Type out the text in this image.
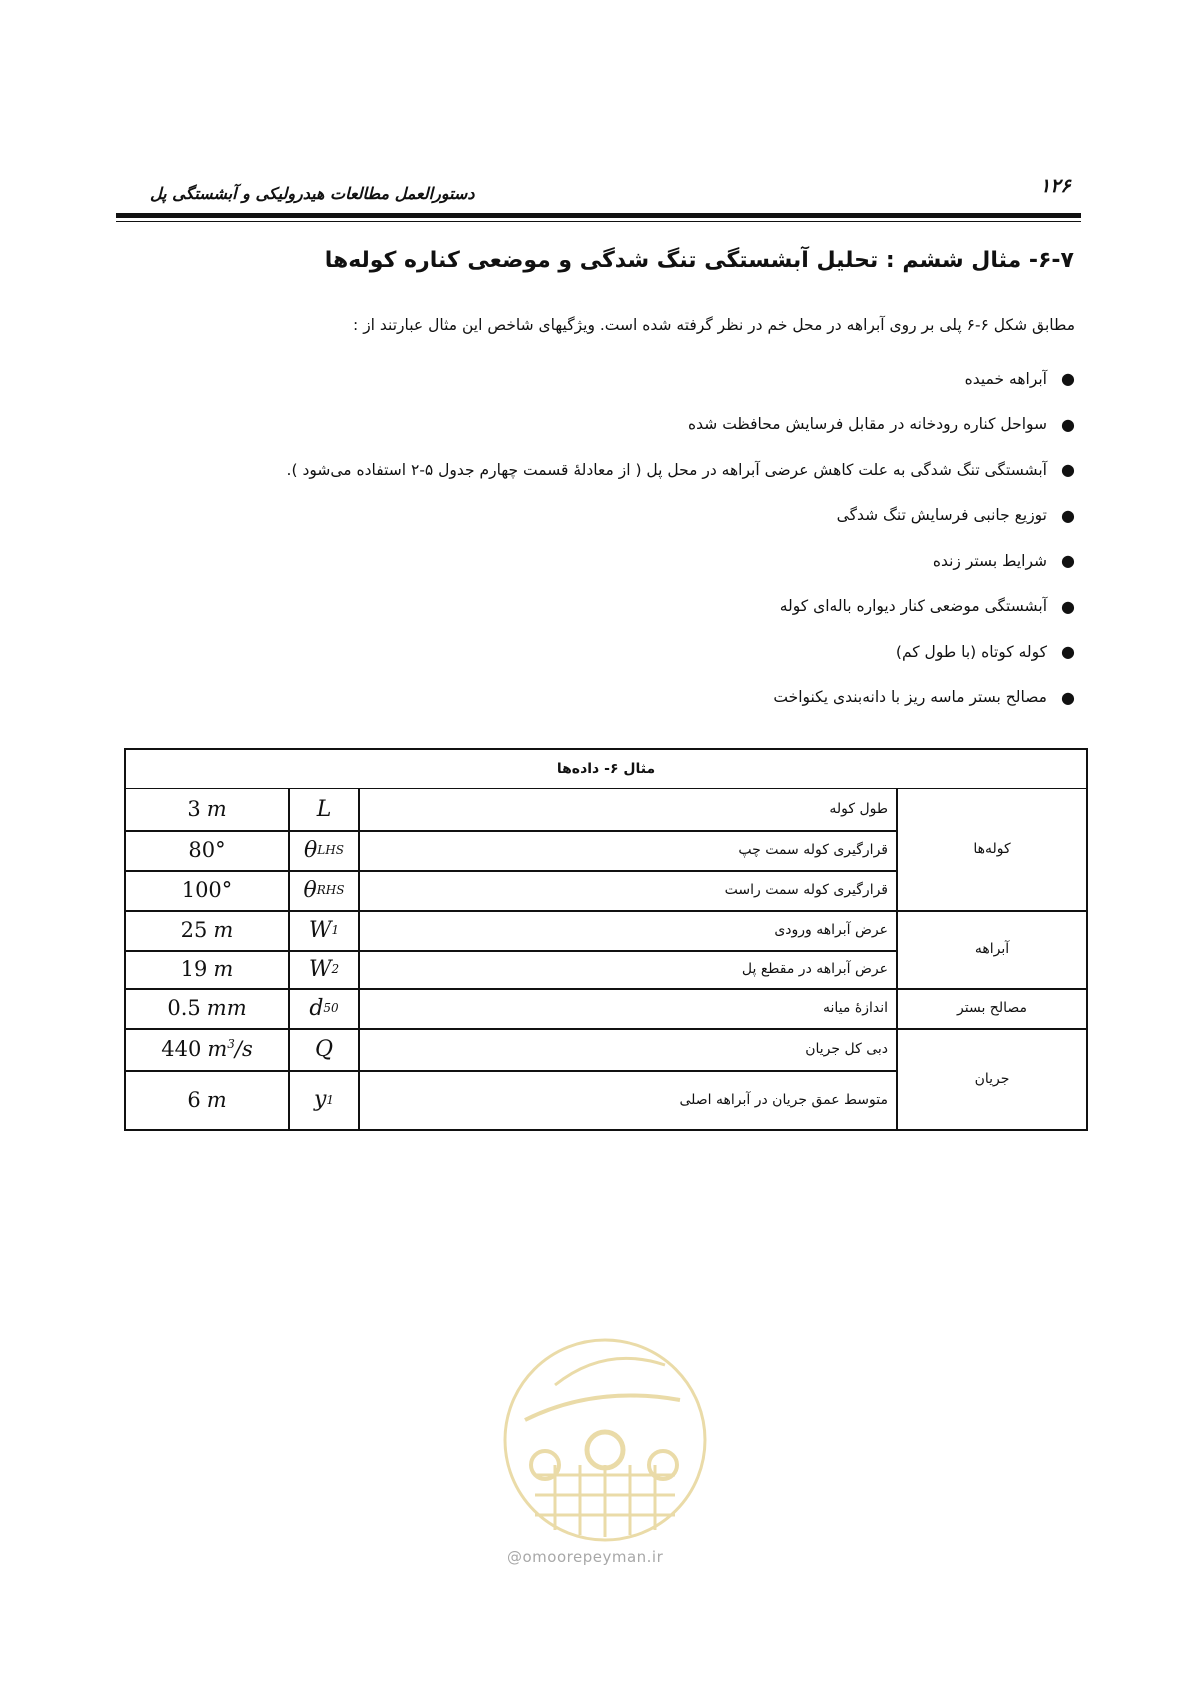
۱۲۶
دستورالعمل مطالعات هیدرولیکی و آبشستگی پل
۶-۷- مثال ششم : تحلیل آبشستگی تنگ شدگی و موضعی کناره کوله‌ها
مطابق شکل ۶-۶ پلی بر روی آبراهه در محل خم در نظر گرفته شده است. ویژگیهای شاخص این مثال عبارتند از :
●
آبراهه خمیده
●
سواحل کناره رودخانه در مقابل فرسایش محافظت شده
●
آبشستگی تنگ شدگی به علت کاهش عرضی آبراهه در محل پل ( از معادلهٔ قسمت چهارم جدول ۵-۲ استفاده می‌شود ).
●
توزیع جانبی فرسایش تنگ شدگی
●
شرایط بستر زنده
●
آبشستگی موضعی کنار دیواره باله‌ای کوله
●
کوله کوتاه (با طول کم)
●
مصالح بستر ماسه ریز با دانه‌بندی یکنواخت
مثال ۶- داده‌ها
کوله‌ها
آبراهه
مصالح بستر
جریان
طول کوله
L
3 m
قرارگیری کوله سمت چپ
θ LHS
80°
قرارگیری کوله سمت راست
θ RHS
100°
عرض آبراهه ورودی
W 1
25 m
عرض آبراهه در مقطع پل
W 2
19 m
اندازهٔ میانه
d 50
0.5 mm
دبی کل جریان
Q
440 $m^3/s$
متوسط عمق جریان در آبراهه اصلی
y 1
6 m
@omoorepeyman.ir
